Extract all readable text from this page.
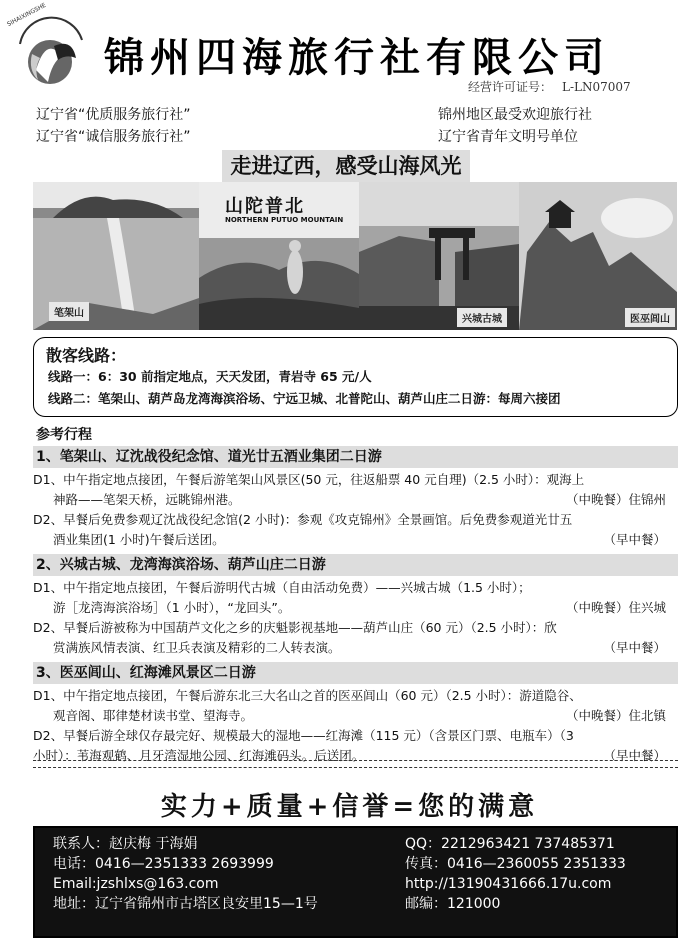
SIHAIXINGSHE
锦州四海旅行社有限公司
经营许可证号： L-LN07007
辽宁省“优质服务旅行社”
辽宁省“诚信服务旅行社”
锦州地区最受欢迎旅行社
辽宁省青年文明号单位
走进辽西，感受山海风光
笔架山
山陀普北
NORTHERN PUTUO MOUNTAIN
兴城古城	医巫闾山
散客线路：
线路一：6：30 前指定地点，天天发团，青岩寺 65 元/人
线路二：笔架山、葫芦岛龙湾海滨浴场、宁远卫城、北普陀山、葫芦山庄二日游：每周六接团
参考行程
1、笔架山、辽沈战役纪念馆、道光廿五酒业集团二日游
D1、中午指定地点接团，午餐后游笔架山风景区(50 元，往返船票 40 元自理)（2.5 小时）：观海上
神路——笔架天桥，远眺锦州港。	（中晚餐）住锦州
D2、早餐后免费参观辽沈战役纪念馆(2 小时)：参观《攻克锦州》全景画馆。后免费参观道光廿五
酒业集团(1 小时)午餐后送团。	（早中餐）
2、兴城古城、龙湾海滨浴场、葫芦山庄二日游
D1、中午指定地点接团，午餐后游明代古城（自由活动免费）——兴城古城（1.5 小时）；
游［龙湾海滨浴场］（1 小时），“龙回头”。	（中晚餐）住兴城
D2、早餐后游被称为中国葫芦文化之乡的庆魁影视基地——葫芦山庄（60 元）（2.5 小时）：欣
赏满族风情表演、红卫兵表演及精彩的二人转表演。	（早中餐）
3、医巫闾山、红海滩风景区二日游
D1、中午指定地点接团，午餐后游东北三大名山之首的医巫闾山（60 元）（2.5 小时）：游道隐谷、
观音阁、耶律楚材读书堂、望海寺。	（中晚餐）住北镇
D2、早餐后游全球仅存最完好、规模最大的湿地——红海滩（115 元）（含景区门票、电瓶车）（3
小时）：苇海观鹤、月牙湾湿地公园、红海滩码头。后送团。	（早中餐）
实力+质量+信誉=您的满意
联系人：赵庆梅 于海娟	QQ：2212963421 737485371
电话：0416—2351333 2693999	传真：0416—2360055 2351333
Email:jzshlxs@163.com	http://13190431666.17u.com
地址：辽宁省锦州市古塔区良安里15—1号	邮编：121000
